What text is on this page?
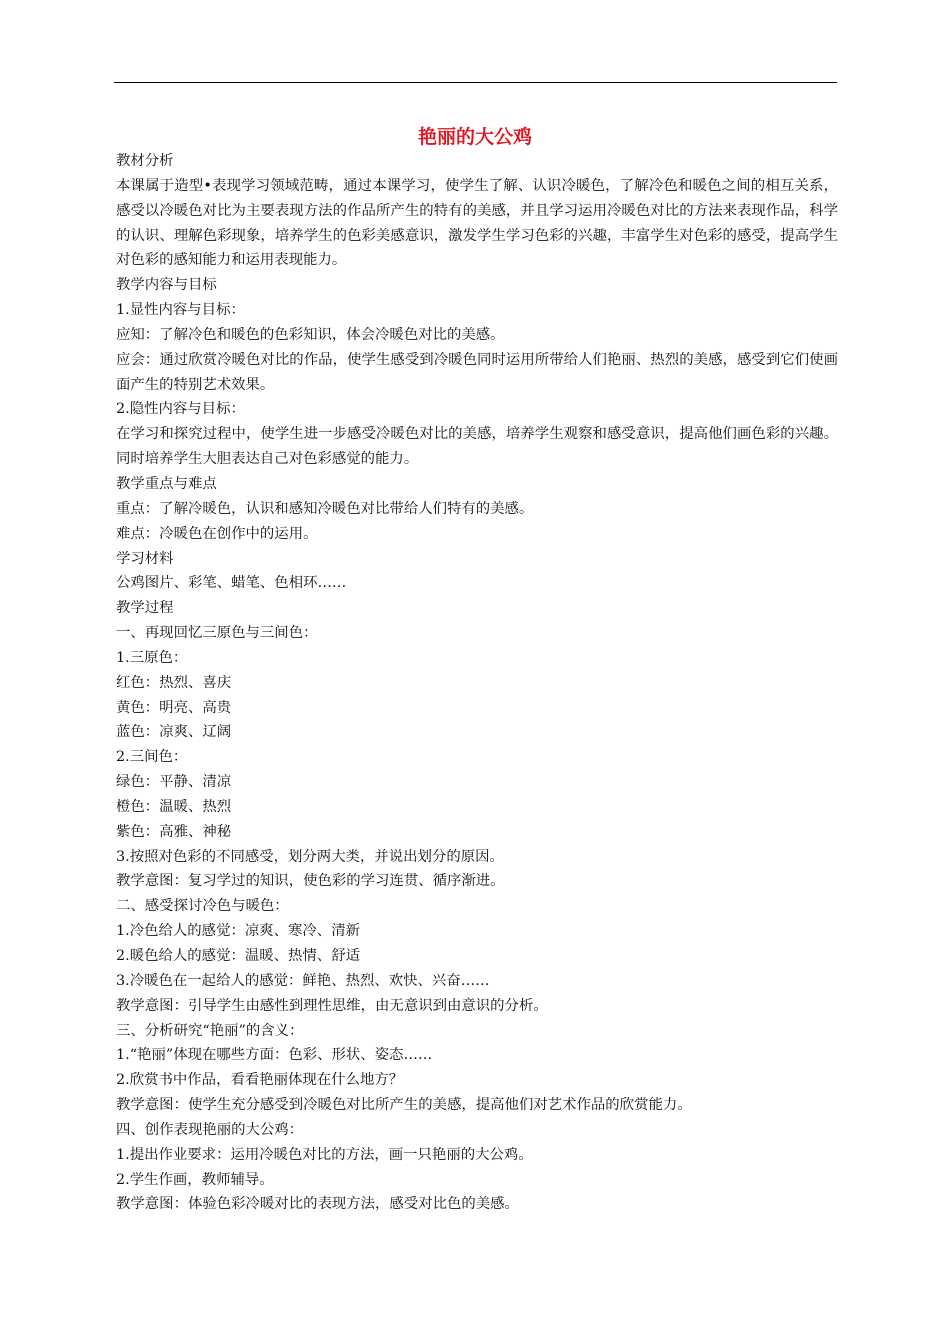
艳丽的大公鸡

教材分析

本课属于造型•表现学习领域范畴，通过本课学习，使学生了解、认识冷暖色，了解冷色和暖色之间的相互关系，感受以冷暖色对比为主要表现方法的作品所产生的特有的美感，并且学习运用冷暖色对比的方法来表现作品，科学的认识、理解色彩现象，培养学生的色彩美感意识，激发学生学习色彩的兴趣，丰富学生对色彩的感受，提高学生对色彩的感知能力和运用表现能力。

教学内容与目标

1.显性内容与目标：

应知：了解冷色和暖色的色彩知识，体会冷暖色对比的美感。

应会：通过欣赏冷暖色对比的作品，使学生感受到冷暖色同时运用所带给人们艳丽、热烈的美感，感受到它们使画面产生的特别艺术效果。

2.隐性内容与目标：

在学习和探究过程中，使学生进一步感受冷暖色对比的美感，培养学生观察和感受意识，提高他们画色彩的兴趣。同时培养学生大胆表达自己对色彩感觉的能力。

教学重点与难点

重点：了解冷暖色，认识和感知冷暖色对比带给人们特有的美感。

难点：冷暖色在创作中的运用。

学习材料

公鸡图片、彩笔、蜡笔、色相环……

教学过程

一、再现回忆三原色与三间色：

1.三原色：

红色：热烈、喜庆

黄色：明亮、高贵

蓝色：凉爽、辽阔

2.三间色：

绿色：平静、清凉

橙色：温暖、热烈

紫色：高雅、神秘

3.按照对色彩的不同感受，划分两大类，并说出划分的原因。

教学意图：复习学过的知识，使色彩的学习连贯、循序渐进。

二、感受探讨冷色与暖色：

1.冷色给人的感觉：凉爽、寒冷、清新

2.暖色给人的感觉：温暖、热情、舒适

3.冷暖色在一起给人的感觉：鲜艳、热烈、欢快、兴奋……

教学意图：引导学生由感性到理性思维，由无意识到由意识的分析。

三、分析研究“艳丽”的含义：

1.“艳丽”体现在哪些方面：色彩、形状、姿态……

2.欣赏书中作品，看看艳丽体现在什么地方？

教学意图：使学生充分感受到冷暖色对比所产生的美感，提高他们对艺术作品的欣赏能力。

四、创作表现艳丽的大公鸡：

1.提出作业要求：运用冷暖色对比的方法，画一只艳丽的大公鸡。

2.学生作画，教师辅导。

教学意图：体验色彩冷暖对比的表现方法，感受对比色的美感。
